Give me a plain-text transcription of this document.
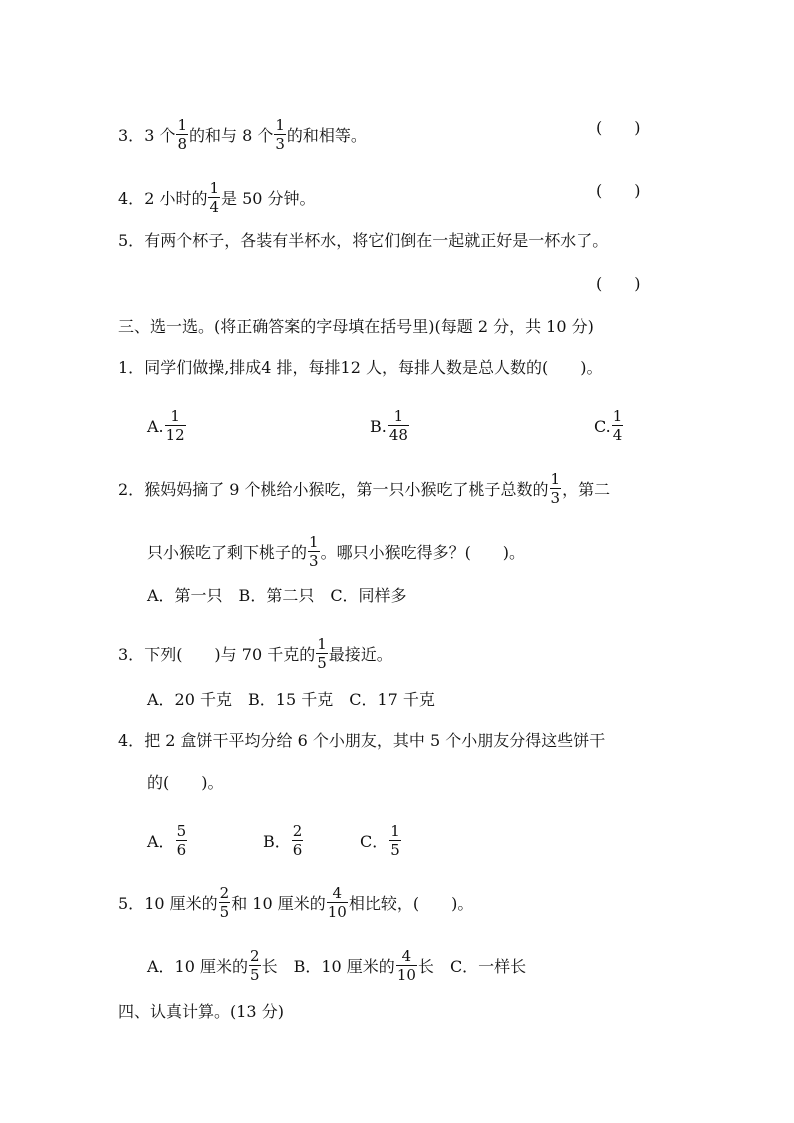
3．3 个 $\frac{1}{8}$ 的和与 8 个 $\frac{1}{3}$ 的和相等。	(　　)
4．2 小时的 $\frac{1}{4}$ 是 50 分钟。	(　　)
5．有两个杯子，各装有半杯水，将它们倒在一起就正好是一杯水了。
(　　)
三、选一选。(将正确答案的字母填在括号里)(每题 2 分，共 10 分)
1．同学们做操,排成4 排，每排12 人，每排人数是总人数的(　　)。
A. $\frac{1}{12}$	B. $\frac{1}{48}$	C. $\frac{1}{4}$
2．猴妈妈摘了 9 个桃给小猴吃，第一只小猴吃了桃子总数的 $\frac{1}{3}$ ，第二
只小猴吃了剩下桃子的 $\frac{1}{3}$ 。哪只小猴吃得多？(　　)。
A．第一只　B．第二只　C．同样多
3．下列(　　)与 70 千克的 $\frac{1}{5}$ 最接近。
A．20 千克　B．15 千克　C．17 千克
4．把 2 盒饼干平均分给 6 个小朋友，其中 5 个小朋友分得这些饼干
的(　　)。
A． $\frac{5}{6}$	B． $\frac{2}{6}$	C． $\frac{1}{5}$
5．10 厘米的 $\frac{2}{5}$ 和 10 厘米的 $\frac{4}{10}$ 相比较，(　　)。
A．10 厘米的 $\frac{2}{5}$ 长　 B．10 厘米的 $\frac{4}{10}$ 长　 C．一样长
四、认真计算。(13 分)
